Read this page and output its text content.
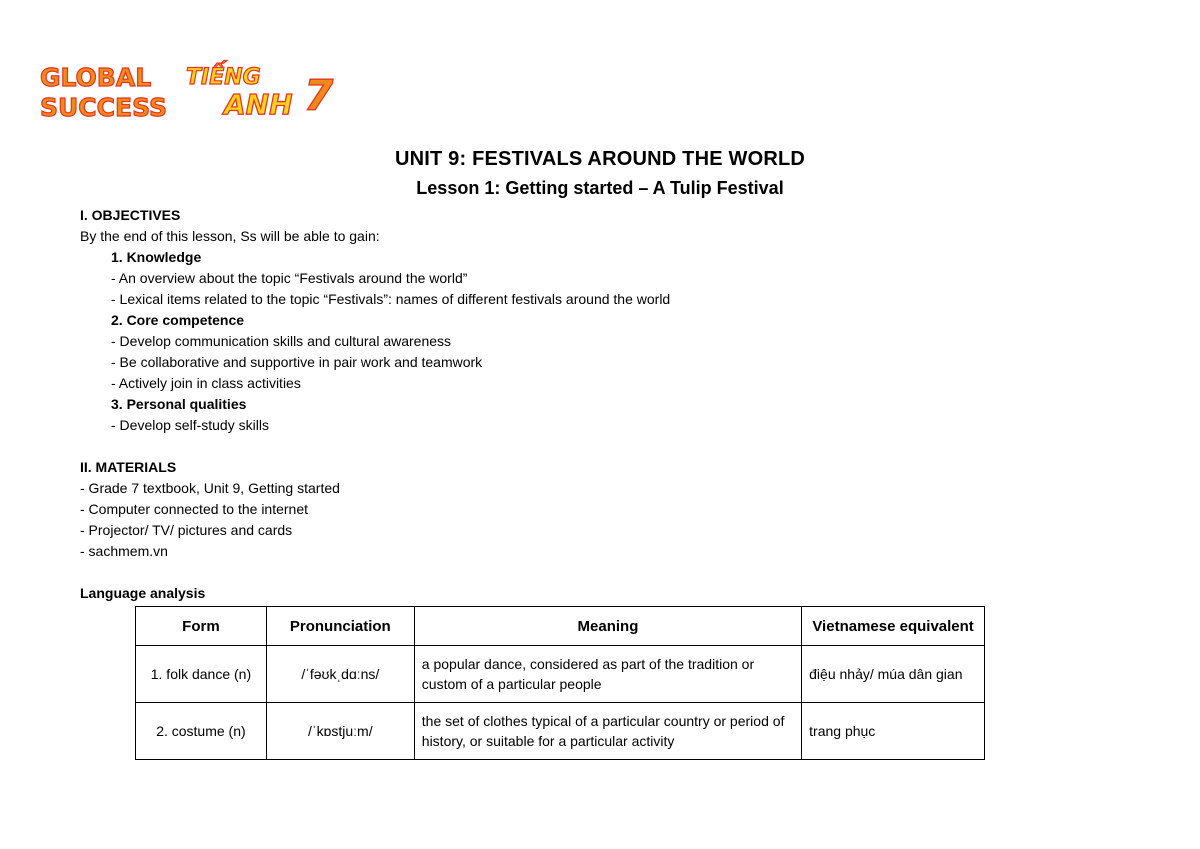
GLOBAL
SUCCESS
TIẾNG
ANH 7
UNIT 9: FESTIVALS AROUND THE WORLD
Lesson 1: Getting started – A Tulip Festival
I. OBJECTIVES
By the end of this lesson, Ss will be able to gain:
1. Knowledge
- An overview about the topic “Festivals around the world”
- Lexical items related to the topic “Festivals”: names of different festivals around the world
2. Core competence
- Develop communication skills and cultural awareness
- Be collaborative and supportive in pair work and teamwork
- Actively join in class activities
3. Personal qualities
- Develop self-study skills
II. MATERIALS
- Grade 7 textbook, Unit 9, Getting started
- Computer connected to the internet
- Projector/ TV/ pictures and cards
- sachmem.vn
Language analysis
Form	Pronunciation	Meaning	Vietnamese equivalent
1. folk dance (n)	/ˈfəʊkˌdɑːns/	a popular dance, considered as part of the tradition or custom of a particular people	điệu nhảy/ múa dân gian
2. costume (n)	/ˈkɒstjuːm/	the set of clothes typical of a particular country or period of history, or suitable for a particular activity	trang phục
